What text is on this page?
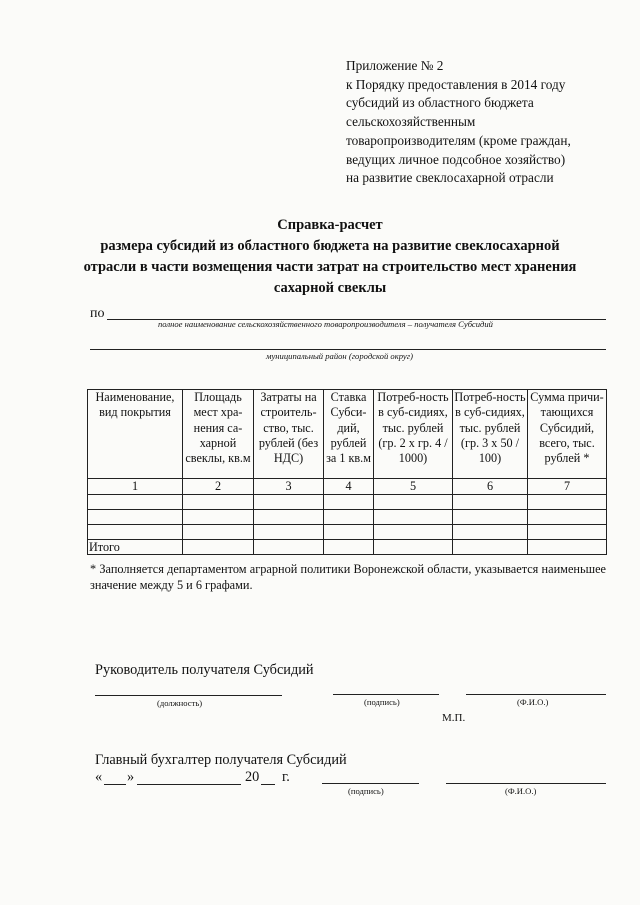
Приложение № 2
к Порядку предоставления в 2014 году
субсидий из областного бюджета
сельскохозяйственным
товаропроизводителям (кроме граждан,
ведущих личное подсобное хозяйство)
на развитие свеклосахарной отрасли
Справка-расчет
размера субсидий из областного бюджета на развитие свеклосахарной
отрасли в части возмещения части затрат на строительство мест хранения
сахарной свеклы
по
полное наименование сельскохозяйственного товаропроизводителя – получателя Субсидий
муниципальный район (городской округ)
Наименование, вид покрытия	Площадь мест хра-нения са-харной свеклы, кв.м	Затраты на строитель-ство, тыс. рублей (без НДС)	Ставка Субси-дий, рублей за 1 кв.м	Потреб-ность в суб-сидиях, тыс. рублей (гр. 2 х гр. 4 / 1000)	Потреб-ность в суб-сидиях, тыс. рублей (гр. 3 х 50 / 100)	Сумма причи-тающихся Субсидий, всего, тыс. рублей *
1	2	3	4	5	6	7

Итого						
* Заполняется департаментом аграрной политики Воронежской области, указывается наименьшее значение между 5 и 6 графами.
Руководитель получателя Субсидий
(должность)	(подпись)	(Ф.И.О.)
М.П.
Главный бухгалтер получателя Субсидий
« »	20 г.
(подпись)	(Ф.И.О.)
